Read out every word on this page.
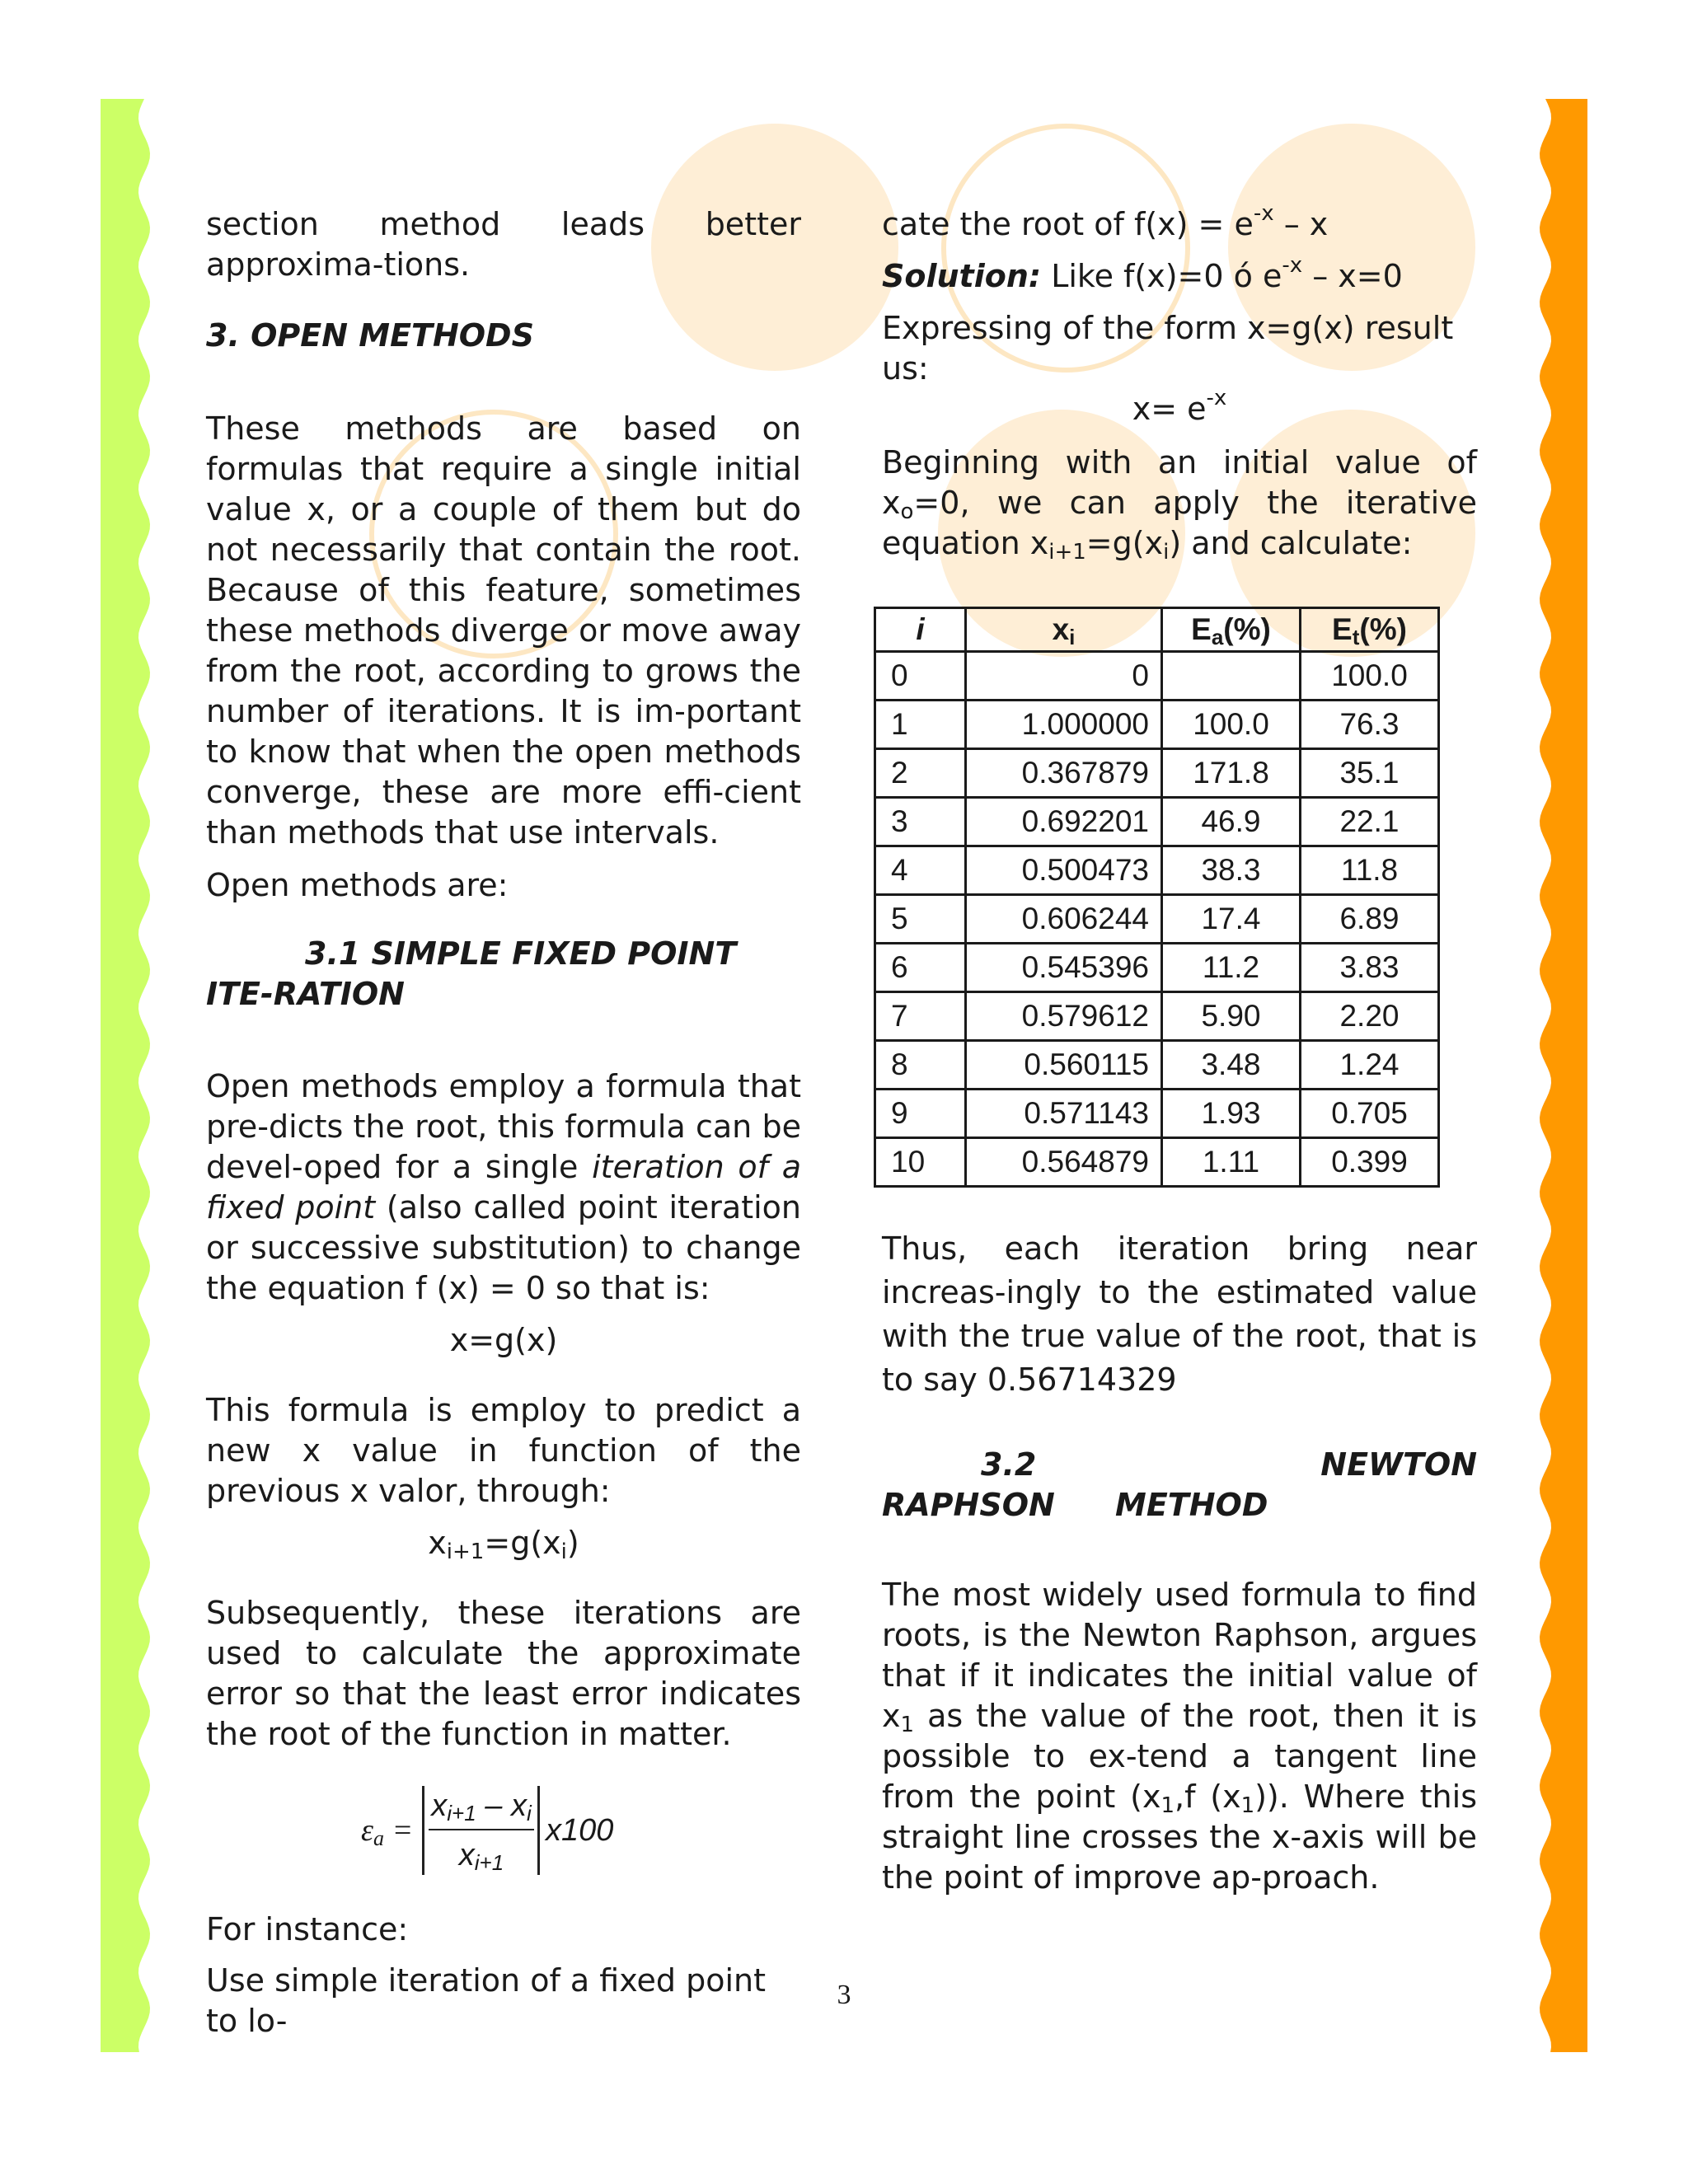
section method leads better approxima-tions.

3. OPEN METHODS

These methods are based on formulas that require a single initial value x, or a couple of them but do not necessarily that contain the root. Because of this feature, sometimes these methods diverge or move away from the root, according to grows the number of iterations. It is im-portant to know that when the open methods converge, these are more effi-cient than methods that use intervals.

Open methods are:

3.1 SIMPLE FIXED POINT ITE-RATION

Open methods employ a formula that pre-dicts the root, this formula can be devel-oped for a single iteration of a fixed point (also called point iteration or successive substitution) to change the equation f (x) = 0 so that is:

x=g(x)

This formula is employ to predict a new x value in function of the previous x valor, through:

$x_{i+1}=g(x_i)$

Subsequently, these iterations are used to calculate the approximate error so that the least error indicates the root of the function in matter.

$\varepsilon_a$ =
$x_{i+1} - x_i$
$x_{i+1}$
x100

For instance:

Use simple iteration of a fixed point to lo-

cate the root of $f(x) = e^{-x} - x$

Solution: Like f(x)=0 ó $e^{-x} - x=0$

Expressing of the form x=g(x) result us:

$x= e^{-x}$

Beginning with an initial value of $x_o=0$, we can apply the iterative equation $x_{i+1}=g(x_i)$ and calculate:

i	$x_i$	$E_a(\%)$	$E_t(\%)$
0	0		100.0
1	1.000000	100.0	76.3
2	0.367879	171.8	35.1
3	0.692201	46.9	22.1
4	0.500473	38.3	11.8
5	0.606244	17.4	6.89
6	0.545396	11.2	3.83
7	0.579612	5.90	2.20
8	0.560115	3.48	1.24
9	0.571143	1.93	0.705
10	0.564879	1.11	0.399

Thus, each iteration bring near increas-ingly to the estimated value with the true value of the root, that is to say 0.56714329

3.2 NEWTON RAPHSON METHOD

The most widely used formula to find roots, is the Newton Raphson, argues that if it indicates the initial value of $x_1$ as the value of the root, then it is possible to ex-tend a tangent line from the point ($x_1,f$ $(x_1)$). Where this straight line crosses the x-axis will be the point of improve ap-proach.

3
